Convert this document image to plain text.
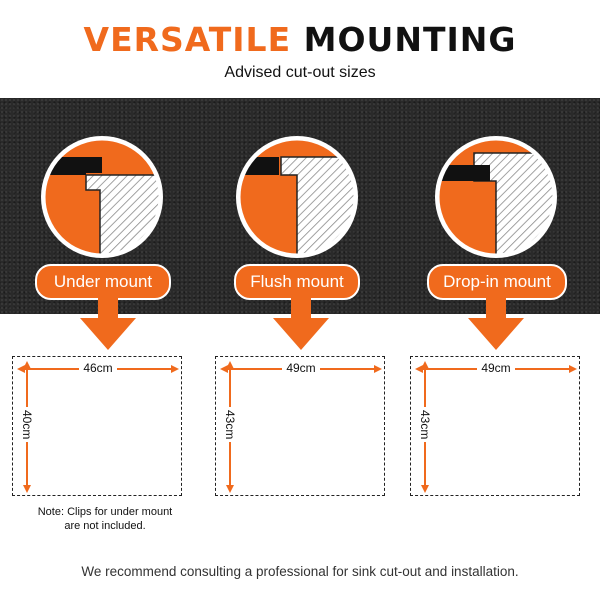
VERSATILE MOUNTING
Advised cut-out sizes
Under mount
46cm
40cm
Note: Clips for under mount
are not included.
Flush mount
49cm
43cm
Drop-in mount
49cm
43cm
We recommend consulting a professional for sink cut-out and installation.
